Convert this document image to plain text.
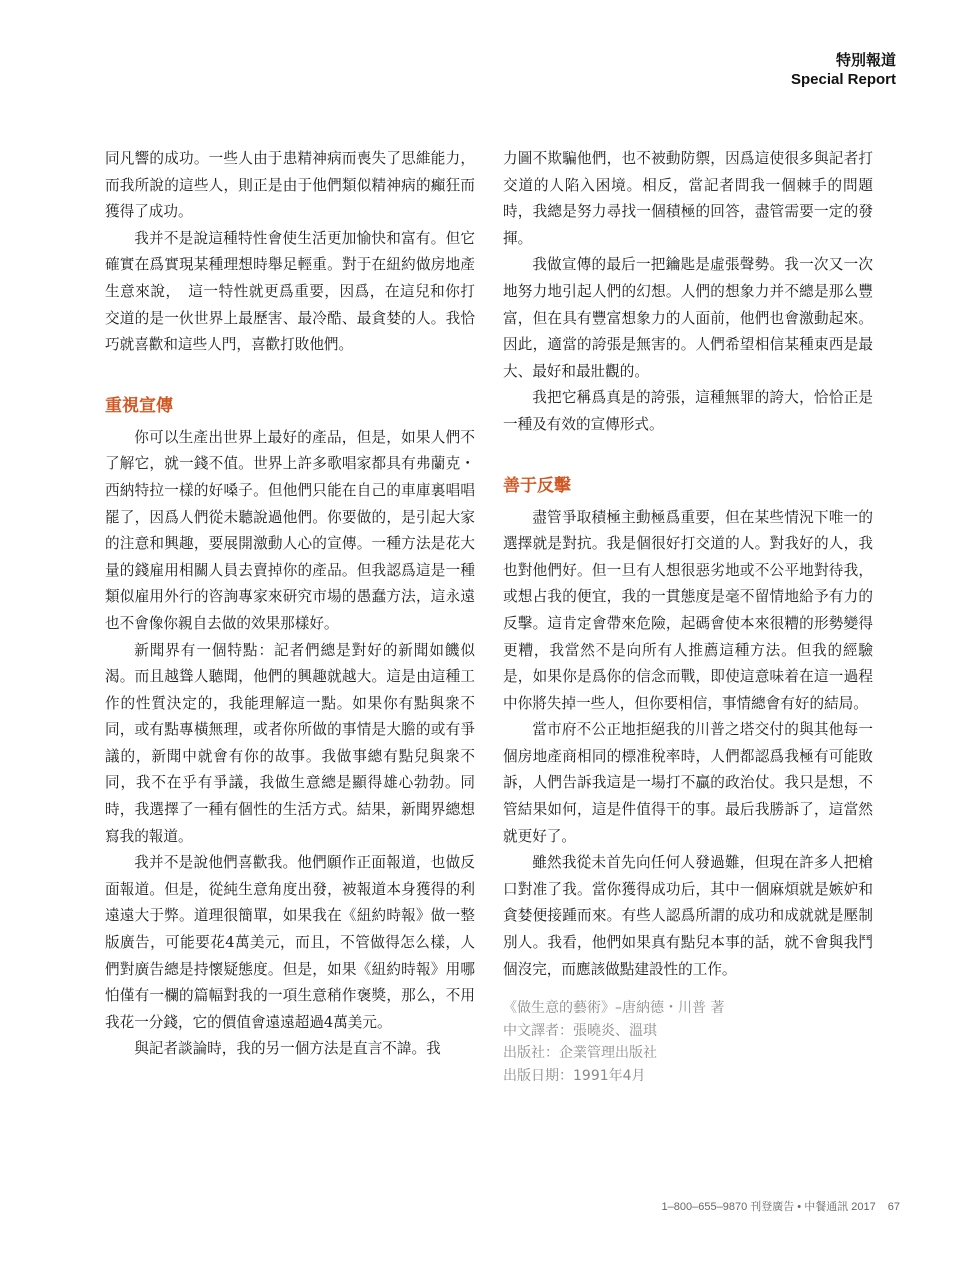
特別報道
Special Report

同凡響的成功。一些人由于患精神病而喪失了思維能力，而我所說的這些人，則正是由于他們類似精神病的癲狂而獲得了成功。

我并不是說這種特性會使生活更加愉快和富有。但它確實在爲實現某種理想時舉足輕重。對于在紐約做房地產生意來說，　這一特性就更爲重要，因爲，在這兒和你打交道的是一伙世界上最歷害、最冷酷、最貪婪的人。我恰巧就喜歡和這些人門，喜歡打敗他們。

重視宣傳

你可以生產出世界上最好的產品，但是，如果人們不了解它，就一錢不值。世界上許多歌唱家都具有弗蘭克・西納特拉一樣的好嗓子。但他們只能在自己的車庫裏唱唱罷了，因爲人們從未聽說過他們。你要做的，是引起大家的注意和興趣，要展開激動人心的宣傳。一種方法是花大量的錢雇用相關人員去賣掉你的產品。但我認爲這是一種類似雇用外行的咨詢專家來研究市場的愚蠢方法，這永遠也不會像你親自去做的效果那樣好。

新聞界有一個特點：記者們總是對好的新聞如饑似渴。而且越聳人聽聞，他們的興趣就越大。這是由這種工作的性質決定的，我能理解這一點。如果你有點與衆不同，或有點專橫無理，或者你所做的事情是大膽的或有爭議的，新聞中就會有你的故事。我做事總有點兒與衆不同，我不在乎有爭議，我做生意總是顯得雄心勃勃。同時，我選擇了一種有個性的生活方式。結果，新聞界總想寫我的報道。

我并不是說他們喜歡我。他們願作正面報道，也做反面報道。但是，從純生意角度出發，被報道本身獲得的利遠遠大于弊。道理很簡單，如果我在《紐約時報》做一整版廣告，可能要花4萬美元，而且，不管做得怎么樣，人們對廣告總是持懷疑態度。但是，如果《紐約時報》用哪怕僅有一欄的篇幅對我的一項生意稍作褒獎，那么，不用我花一分錢，它的價值會遠遠超過4萬美元。

與記者談論時，我的另一個方法是直言不諱。我

力圖不欺騙他們，也不被動防禦，因爲這使很多與記者打交道的人陷入困境。相反，當記者問我一個棘手的問題時，我總是努力尋找一個積極的回答，盡管需要一定的發揮。

我做宣傳的最后一把鑰匙是虛張聲勢。我一次又一次地努力地引起人們的幻想。人們的想象力并不總是那么豐富，但在具有豐富想象力的人面前，他們也會激動起來。因此，適當的誇張是無害的。人們希望相信某種東西是最大、最好和最壯觀的。

我把它稱爲真是的誇張，這種無罪的誇大，恰恰正是一種及有效的宣傳形式。

善于反擊

盡管爭取積極主動極爲重要，但在某些情況下唯一的選擇就是對抗。我是個很好打交道的人。對我好的人，我也對他們好。但一旦有人想很惡劣地或不公平地對待我，或想占我的便宜，我的一貫態度是毫不留情地給予有力的反擊。這肯定會帶來危險，起碼會使本來很糟的形勢變得更糟，我當然不是向所有人推薦這種方法。但我的經驗是，如果你是爲你的信念而戰，即使這意味着在這一過程中你將失掉一些人，但你要相信，事情總會有好的結局。

當市府不公正地拒絕我的川普之塔交付的與其他每一個房地產商相同的標准稅率時，人們都認爲我極有可能敗訴，人們告訴我這是一場打不贏的政治仗。我只是想，不管結果如何，這是件值得干的事。最后我勝訴了，這當然就更好了。

雖然我從未首先向任何人發過難，但現在許多人把槍口對准了我。當你獲得成功后，其中一個麻煩就是嫉妒和貪婪便接踵而來。有些人認爲所謂的成功和成就就是壓制別人。我看，他們如果真有點兒本事的話，就不會與我鬥個沒完，而應該做點建設性的工作。

《做生意的藝術》–唐納德・川普 著
中文譯者：張曉炎、溫琪
出版社：企業管理出版社
出版日期：1991年4月
1–800–655–9870 刊登廣告 • 中餐通訊 2017 67
